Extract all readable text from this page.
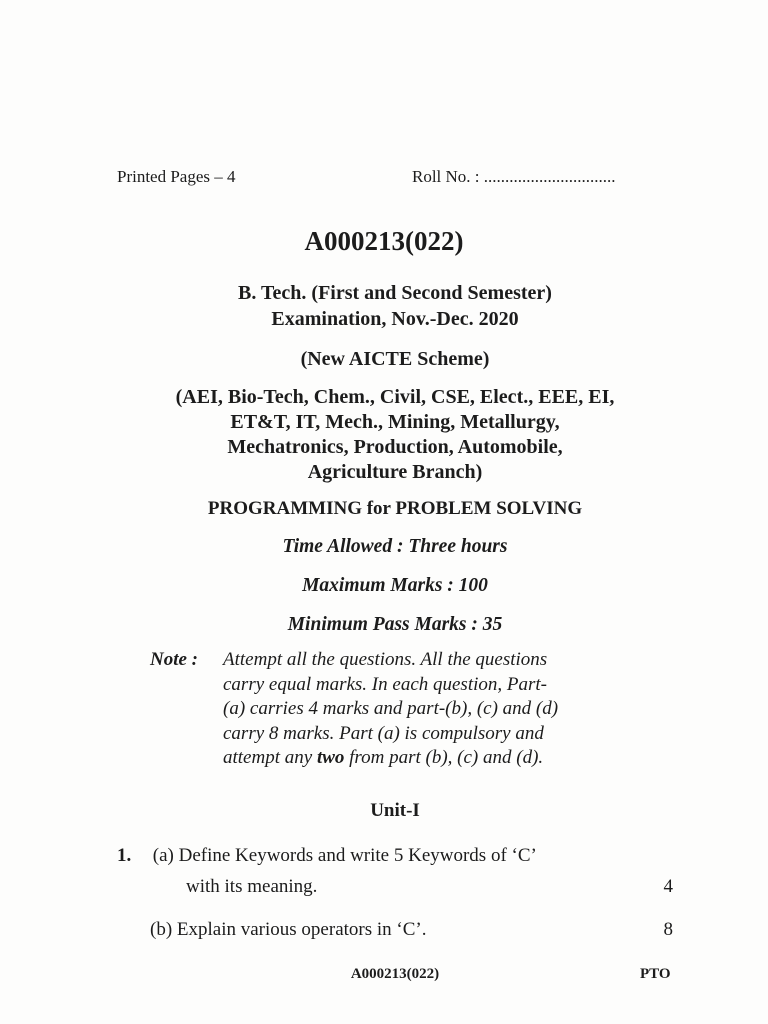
Printed Pages – 4	Roll No. : ...............................
A000213(022)
B. Tech. (First and Second Semester)
Examination, Nov.-Dec. 2020
(New AICTE Scheme)
(AEI, Bio-Tech, Chem., Civil, CSE, Elect., EEE, EI,
ET&T, IT, Mech., Mining, Metallurgy,
Mechatronics, Production, Automobile,
Agriculture Branch)
PROGRAMMING for PROBLEM SOLVING
Time Allowed : Three hours
Maximum Marks : 100
Minimum Pass Marks : 35
Note : Attempt all the questions. All the questions
carry equal marks. In each question, Part-
(a) carries 4 marks and part-(b), (c) and (d)
carry 8 marks. Part (a) is compulsory and
attempt any two from part (b), (c) and (d).
Unit-I
1. (a) Define Keywords and write 5 Keywords of ‘C’
with its meaning.	4
(b) Explain various operators in ‘C’.	8
A000213(022)	PTO
